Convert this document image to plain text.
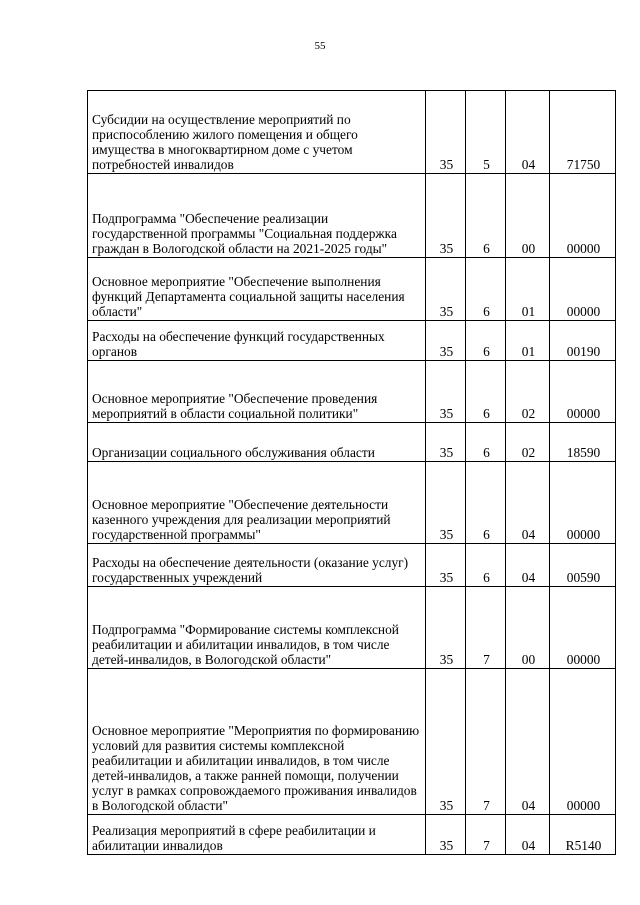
55
Субсидии на осуществление мероприятий по приспособлению жилого помещения и общего имущества в многоквартирном доме с учетом потребностей инвалидов	35	5	04	71750
Подпрограмма "Обеспечение реализации государственной программы "Социальная поддержка граждан в Вологодской области на 2021-2025 годы"	35	6	00	00000
Основное мероприятие "Обеспечение выполнения функций Департамента социальной защиты населения области"	35	6	01	00000
Расходы на обеспечение функций государственных органов	35	6	01	00190
Основное мероприятие "Обеспечение проведения мероприятий в области социальной политики"	35	6	02	00000
Организации социального обслуживания области	35	6	02	18590
Основное мероприятие "Обеспечение деятельности казенного учреждения для реализации мероприятий государственной программы"	35	6	04	00000
Расходы на обеспечение деятельности (оказание услуг) государственных учреждений	35	6	04	00590
Подпрограмма "Формирование системы комплексной реабилитации и абилитации инвалидов, в том числе детей-инвалидов, в Вологодской области"	35	7	00	00000
Основное мероприятие "Мероприятия по формированию условий для развития системы комплексной реабилитации и абилитации инвалидов, в том числе детей-инвалидов, а также ранней помощи, получении услуг в рамках сопровождаемого проживания инвалидов в Вологодской области"	35	7	04	00000
Реализация мероприятий в сфере реабилитации и абилитации инвалидов	35	7	04	R5140
